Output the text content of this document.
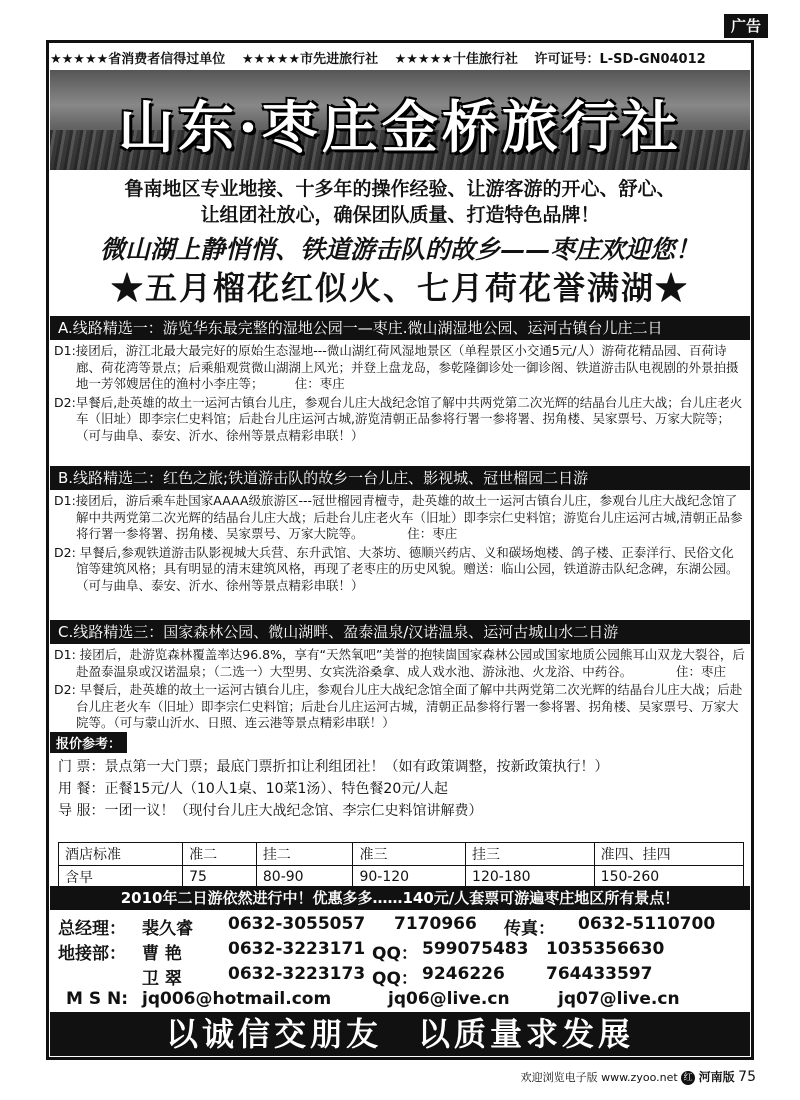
广告
★★★★★省消费者信得过单位 ★★★★★市先进旅行社 ★★★★★十佳旅行社 许可证号：L-SD-GN04012
山东·枣庄金桥旅行社
鲁南地区专业地接、十多年的操作经验、让游客游的开心、舒心、
让组团社放心，确保团队质量、打造特色品牌！
微山湖上静悄悄、铁道游击队的故乡——枣庄欢迎您！
★五月榴花红似火、七月荷花誉满湖★
A.线路精选一：游览华东最完整的湿地公园一—枣庄.微山湖湿地公园、运河古镇台儿庄二日

D1:接团后，游江北最大最完好的原始生态湿地---微山湖红荷风湿地景区（单程景区小交通5元/人）游荷花精品园、百荷诗廊、荷花湾等景点；后乘船观赏微山湖湖上风光；并登上盘龙岛，参乾隆御诊处一御诊阁、铁道游击队电视剧的外景拍摄地一芳邻嫂居住的渔村小李庄等；　　　住：枣庄

D2:早餐后,赴英雄的故土一运河古镇台儿庄，参观台儿庄大战纪念馆了解中共两党第二次光辉的结晶台儿庄大战；台儿庄老火车（旧址）即李宗仁史料馆；后赴台儿庄运河古城,游览清朝正品参将行署一参将署、拐角楼、吴家票号、万家大院等；（可与曲阜、泰安、沂水、徐州等景点精彩串联！）

B.线路精选二：红色之旅;铁道游击队的故乡一台儿庄、影视城、冠世榴园二日游

D1:接团后，游后乘车赴国家AAAA级旅游区---冠世榴园青檀寺，赴英雄的故土一运河古镇台儿庄，参观台儿庄大战纪念馆了解中共两党第二次光辉的结晶台儿庄大战；后赴台儿庄老火车（旧址）即李宗仁史料馆；游览台儿庄运河古城,清朝正品参将行署一参将署、拐角楼、吴家票号、万家大院等。　　　　住：枣庄

D2: 早餐后,参观铁道游击队影视城大兵营、东升武馆、大茶坊、德顺兴药店、义和碳场炮楼、鸽子楼、正泰洋行、民俗文化馆等建筑风格；具有明显的清末建筑风格，再现了老枣庄的历史风貌。赠送：临山公园，铁道游击队纪念碑，东湖公园。（可与曲阜、泰安、沂水、徐州等景点精彩串联！）

C.线路精选三：国家森林公园、微山湖畔、盈泰温泉/汉诺温泉、运河古城山水二日游

D1: 接团后，赴游览森林覆盖率达96.8%，享有“天然氧吧”美誉的抱犊崮国家森林公园或国家地质公园熊耳山双龙大裂谷，后赴盈泰温泉或汉诺温泉；（二选一）大型男、女宾洗浴桑拿、成人戏水池、游泳池、火龙浴、中药谷。　　　　住：枣庄

D2: 早餐后，赴英雄的故土一运河古镇台儿庄，参观台儿庄大战纪念馆全面了解中共两党第二次光辉的结晶台儿庄大战；后赴台儿庄老火车（旧址）即李宗仁史料馆；后赴台儿庄运河古城，清朝正品参将行署一参将署、拐角楼、吴家票号、万家大院等。（可与蒙山沂水、日照、连云港等景点精彩串联！）

报价参考：
门 票：景点第一大门票；最底门票折扣让利组团社！（如有政策调整，按新政策执行！）
用 餐：正餐15元/人（10人1桌、10菜1汤）、特色餐20元/人起
导 服：一团一议！（现付台儿庄大战纪念馆、李宗仁史料馆讲解费）
酒店标准	准二	挂二	准三	挂三	准四、挂四
含早	75	80-90	90-120	120-180	150-260
2010年二日游依然进行中！优惠多多……140元/人套票可游遍枣庄地区所有景点！
总经理： 裴久睿 0632-3055057 7170966 传真： 0632-5110700
地接部： 曹 艳	0632-3223171 QQ： 599075483 1035356630
卫 翠	0632-3223173 QQ： 9246226 764433597
M S N: jq006@hotmail.com	jq06@live.cn	jq07@live.cn
以诚信交朋友　以质量求发展
欢迎浏览电子版 www.zyoo.net 红 河南版 75
